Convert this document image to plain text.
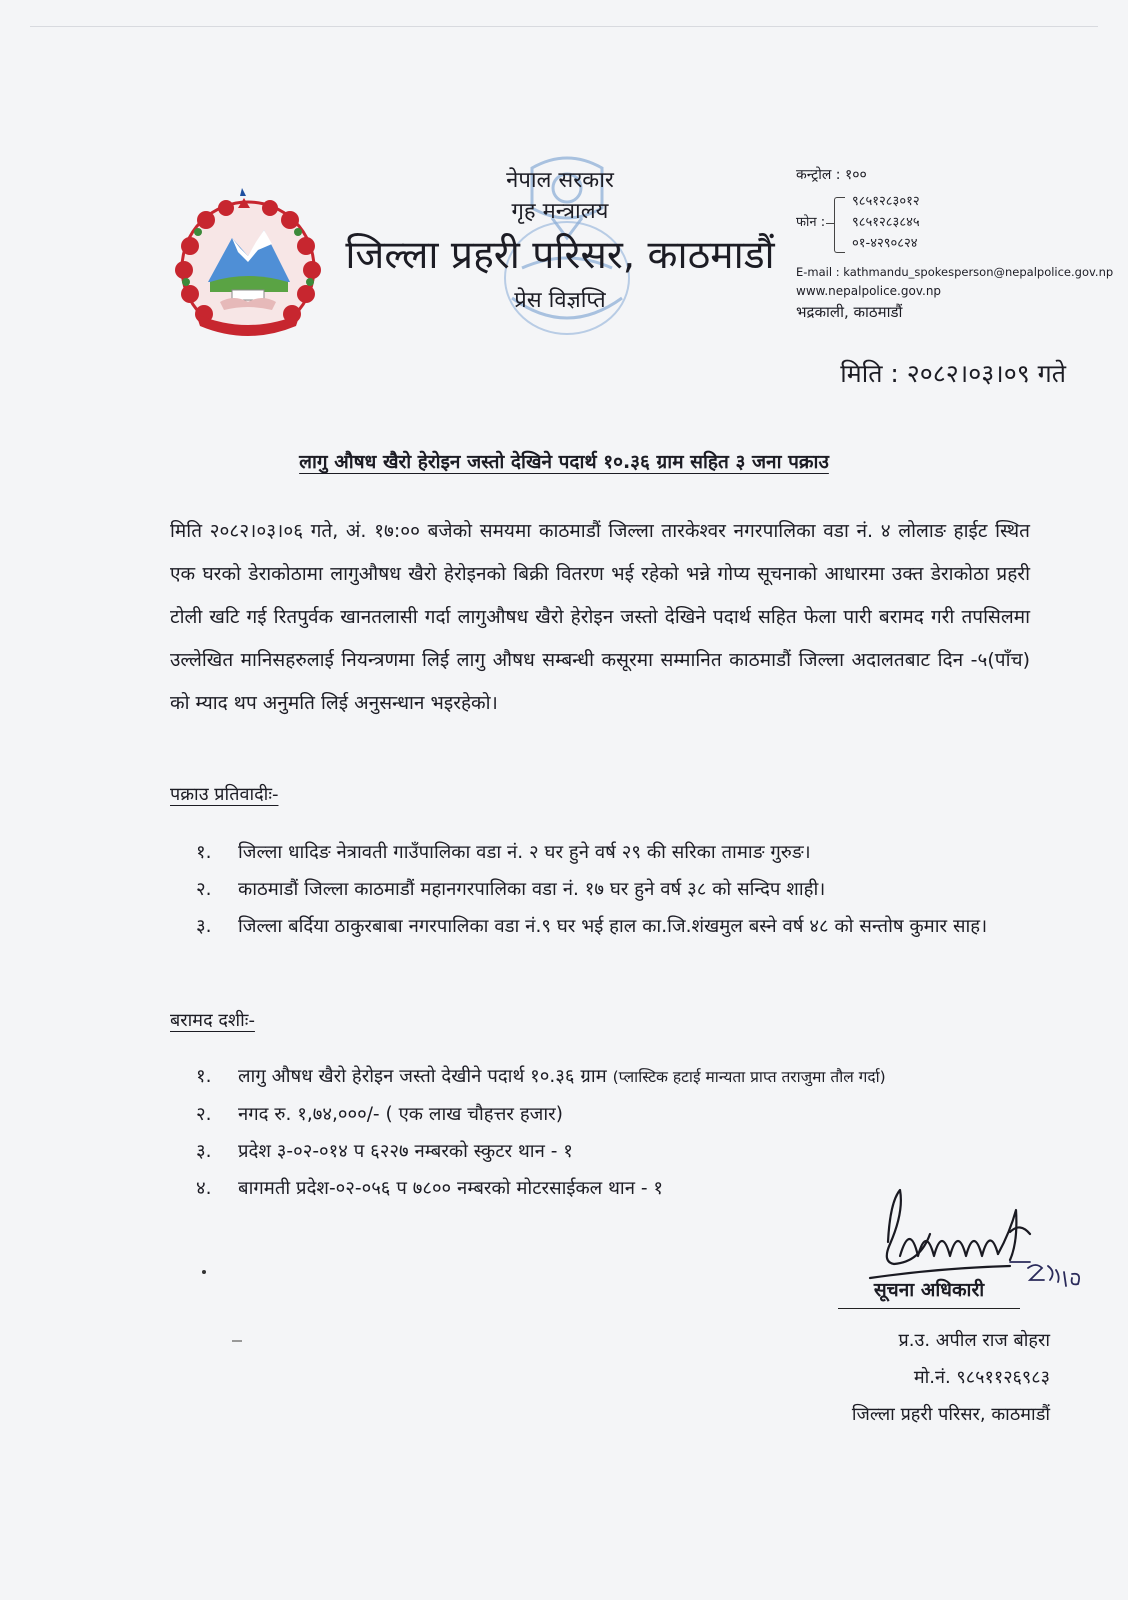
नेपाल सरकार
गृह मन्त्रालय
जिल्ला प्रहरी परिसर, काठमाडौं
प्रेस विज्ञप्ति
कन्ट्रोल : १००
फोन :
९८५१२८३०१२
९८५१२८३८४५
०१-४२९०८२४
E-mail : kathmandu_spokesperson@nepalpolice.gov.np
www.nepalpolice.gov.np
भद्रकाली, काठमाडौं
मिति : २०८२।०३।०९ गते
लागु औषध खैरो हेरोइन जस्तो देखिने पदार्थ १०.३६ ग्राम सहित ३ जना पक्राउ
मिति २०८२।०३।०६ गते, अं. १७:०० बजेको समयमा काठमाडौं जिल्ला तारकेश्वर नगरपालिका वडा नं. ४ लोलाङ हाईट स्थित एक घरको डेराकोठामा लागुऔषध खैरो हेरोइनको बिक्री वितरण भई रहेको भन्ने गोप्य सूचनाको आधारमा उक्त डेराकोठा प्रहरी टोली खटि गई रितपुर्वक खानतलासी गर्दा लागुऔषध खैरो हेरोइन जस्तो देखिने पदार्थ सहित फेला पारी बरामद गरी तपसिलमा उल्लेखित मानिसहरुलाई नियन्त्रणमा लिई लागु औषध सम्बन्धी कसूरमा सम्मानित काठमाडौं जिल्ला अदालतबाट दिन -५(पाँच) को म्याद थप अनुमति लिई अनुसन्धान भइरहेको।
पक्राउ प्रतिवादीः-
१. जिल्ला धादिङ नेत्रावती गाउँपालिका वडा नं. २ घर हुने वर्ष २९ की सरिका तामाङ गुरुङ।
२. काठमाडौं जिल्ला काठमाडौं महानगरपालिका वडा नं. १७ घर हुने वर्ष ३८ को सन्दिप शाही।
३. जिल्ला बर्दिया ठाकुरबाबा नगरपालिका वडा नं.९ घर भई हाल का.जि.शंखमुल बस्ने वर्ष ४८ को सन्तोष कुमार साह।
बरामद दशीः-
१. लागु औषध खैरो हेरोइन जस्तो देखीने पदार्थ १०.३६ ग्राम (प्लास्टिक हटाई मान्यता प्राप्त तराजुमा तौल गर्दा)
२. नगद रु. १,७४,०००/- ( एक लाख चौहत्तर हजार)
३. प्रदेश ३-०२-०१४ प ६२२७ नम्बरको स्कुटर थान - १
४. बागमती प्रदेश-०२-०५६ प ७८०० नम्बरको मोटरसाईकल थान - १
सूचना अधिकारी
प्र.उ. अपील राज बोहरा
मो.नं. ९८५११२६९८३
जिल्ला प्रहरी परिसर, काठमाडौं
